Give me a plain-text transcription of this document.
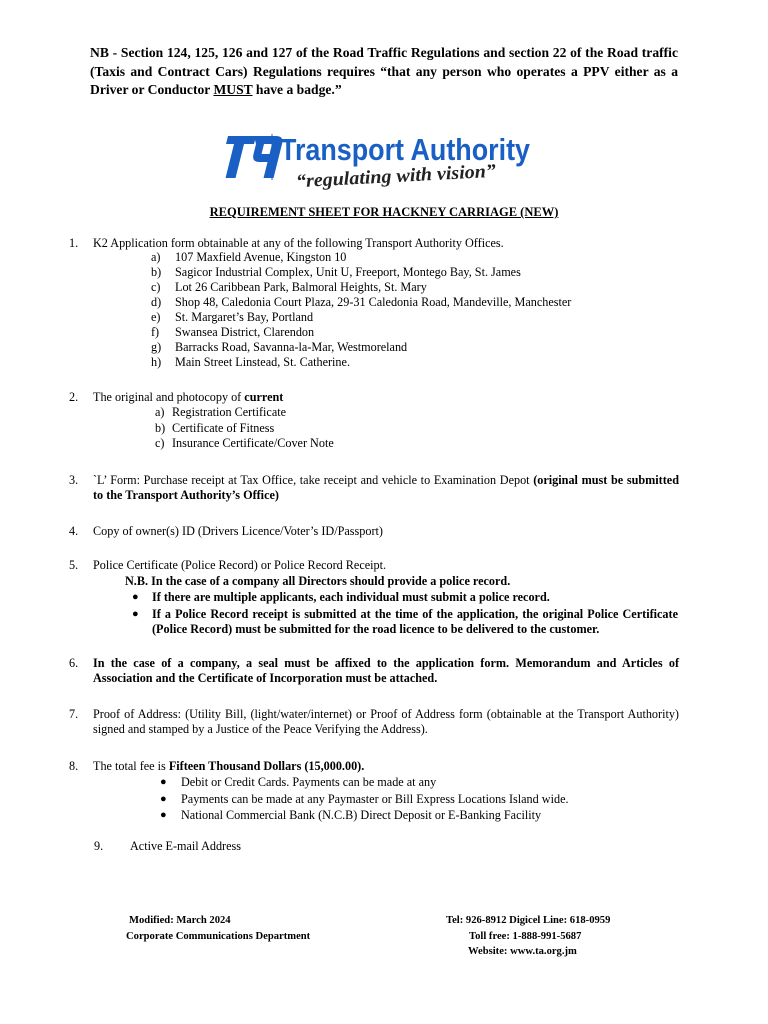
NB - Section 124, 125, 126 and 127 of the Road Traffic Regulations and section 22 of the Road traffic (Taxis and Contract Cars) Regulations requires “that any person who operates a PPV either as a Driver or Conductor MUST have a badge.”
Transport Authority
“regulating with vision”
REQUIREMENT SHEET FOR HACKNEY CARRIAGE (NEW)
1. K2 Application form obtainable at any of the following Transport Authority Offices.
a) 107 Maxfield Avenue, Kingston 10
b) Sagicor Industrial Complex, Unit U, Freeport, Montego Bay, St. James
c) Lot 26 Caribbean Park, Balmoral Heights, St. Mary
d) Shop 48, Caledonia Court Plaza, 29-31 Caledonia Road, Mandeville, Manchester
e) St. Margaret’s Bay, Portland
f) Swansea District, Clarendon
g) Barracks Road, Savanna-la-Mar, Westmoreland
h) Main Street Linstead, St. Catherine.
2. The original and photocopy of current
a) Registration Certificate
b) Certificate of Fitness
c) Insurance Certificate/Cover Note
3. `L’ Form: Purchase receipt at Tax Office, take receipt and vehicle to Examination Depot (original must be submitted to the Transport Authority’s Office)
4. Copy of owner(s) ID (Drivers Licence/Voter’s ID/Passport)
5. Police Certificate (Police Record) or Police Record Receipt.
N.B. In the case of a company all Directors should provide a police record.
● If there are multiple applicants, each individual must submit a police record.
● If a Police Record receipt is submitted at the time of the application, the original Police Certificate (Police Record) must be submitted for the road licence to be delivered to the customer.
6. In the case of a company, a seal must be affixed to the application form. Memorandum and Articles of Association and the Certificate of Incorporation must be attached.
7. Proof of Address: (Utility Bill, (light/water/internet) or Proof of Address form (obtainable at the Transport Authority) signed and stamped by a Justice of the Peace Verifying the Address).
8. The total fee is Fifteen Thousand Dollars (15,000.00).
● Debit or Credit Cards. Payments can be made at any
● Payments can be made at any Paymaster or Bill Express Locations Island wide.
● National Commercial Bank (N.C.B) Direct Deposit or E-Banking Facility
9. Active E-mail Address
Modified: March 2024
Corporate Communications Department
Tel: 926-8912 Digicel Line: 618-0959
Toll free: 1-888-991-5687
Website: www.ta.org.jm
